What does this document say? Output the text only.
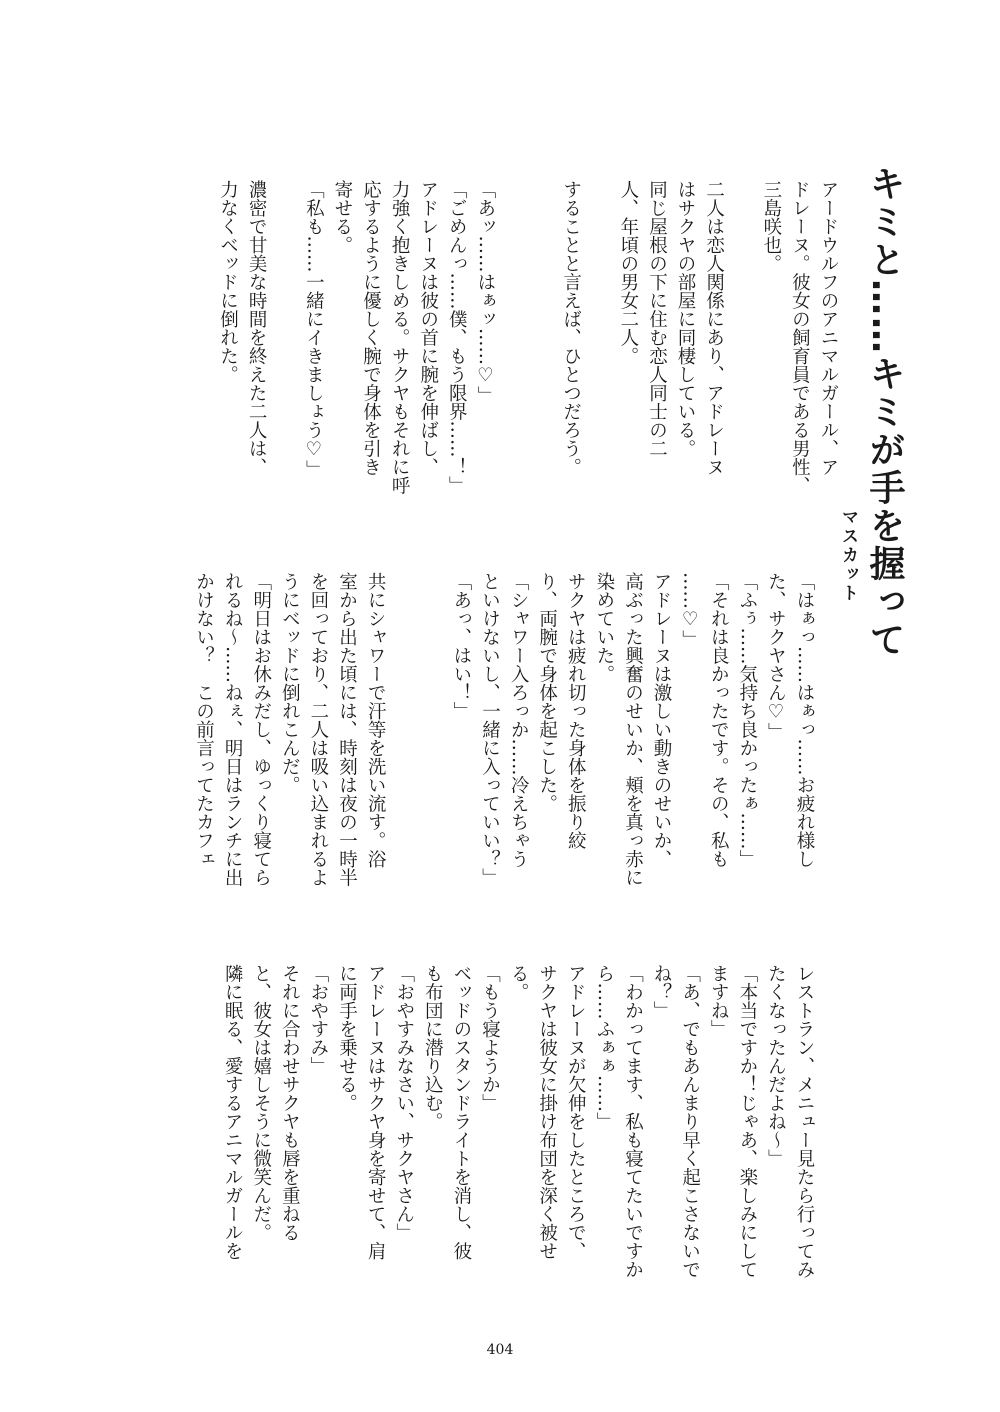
キミと……キミが手を握って
マスカット
アードウルフのアニマルガール、ア
ドレーヌ。彼女の飼育員である男性、
三島咲也。

二人は恋人関係にあり、アドレーヌ
はサクヤの部屋に同棲している。
同じ屋根の下に住む恋人同士の二
人、年頃の男女二人。

することと言えば、ひとつだろう。

「あッ……はぁッ……♡」
「ごめんっ……僕、もう限界……！」
アドレーヌは彼の首に腕を伸ばし、
力強く抱きしめる。サクヤもそれに呼
応するように優しく腕で身体を引き
寄せる。
「私も……一緒にイきましょう♡」

濃密で甘美な時間を終えた二人は、
力なくベッドに倒れた。
「はぁっ……はぁっ……お疲れ様し
た、サクヤさん♡」
「ふぅ……気持ち良かったぁ……」
「それは良かったです。その、私も
……♡」
アドレーヌは激しい動きのせいか、
高ぶった興奮のせいか、頬を真っ赤に
染めていた。
サクヤは疲れ切った身体を振り絞
り、両腕で身体を起こした。
「シャワー入ろっか……冷えちゃう
といけないし、一緒に入っていい？」
「あっ、はい！」

共にシャワーで汗等を洗い流す。浴
室から出た頃には、時刻は夜の一時半
を回っており、二人は吸い込まれるよ
うにベッドに倒れこんだ。
「明日はお休みだし、ゆっくり寝てら
れるね～……ねぇ、明日はランチに出
かけない？　この前言ってたカフェ
レストラン、メニュー見たら行ってみ
たくなったんだよね～」
「本当ですか！じゃあ、楽しみにして
ますね」
「あ、でもあんまり早く起こさないで
ね？」
「わかってます、私も寝てたいですか
ら……ふぁぁ……」
アドレーヌが欠伸をしたところで、
サクヤは彼女に掛け布団を深く被せ
る。
「もう寝ようか」
ベッドのスタンドライトを消し、彼
も布団に潜り込む。
「おやすみなさい、サクヤさん」
アドレーヌはサクヤ身を寄せて、肩
に両手を乗せる。
「おやすみ」
それに合わせサクヤも唇を重ねる
と、彼女は嬉しそうに微笑んだ。
隣に眠る、愛するアニマルガールを
404
